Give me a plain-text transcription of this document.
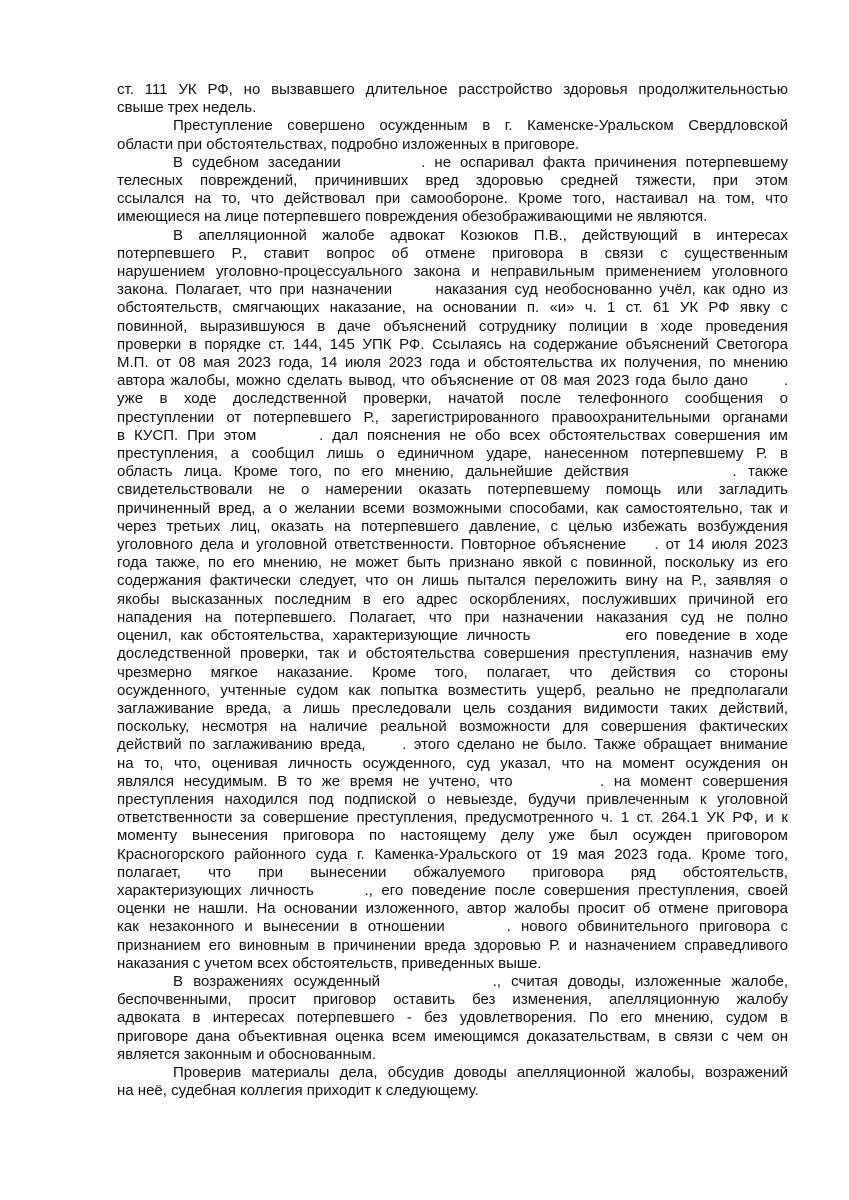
ст. 111 УК РФ, но вызвавшего длительное расстройство здоровья продолжительностью
свыше трех недель.
Преступление совершено осужденным в г. Каменске-Уральском Свердловской
области при обстоятельствах, подробно изложенных в приговоре.
В судебном заседании         . не оспаривал факта причинения потерпевшему
телесных повреждений, причинивших вред здоровью средней тяжести, при этом
ссылался на то, что действовал при самообороне. Кроме того, настаивал на том, что
имеющиеся на лице потерпевшего повреждения обезображивающими не являются.
В апелляционной жалобе адвокат Козюков П.В., действующий в интересах
потерпевшего Р., ставит вопрос об отмене приговора в связи с существенным
нарушением уголовно-процессуального закона и неправильным применением уголовного
закона. Полагает, что при назначении      наказания суд необоснованно учёл, как одно из
обстоятельств, смягчающих наказание, на основании п. «и» ч. 1 ст. 61 УК РФ явку с
повинной, выразившуюся в даче объяснений сотруднику полиции в ходе проведения
проверки в порядке ст. 144, 145 УПК РФ. Ссылаясь на содержание объяснений Светогора
М.П. от 08 мая 2023 года, 14 июля 2023 года и обстоятельства их получения, по мнению
автора жалобы, можно сделать вывод, что объяснение от 08 мая 2023 года было дано      .
уже в ходе доследственной проверки, начатой после телефонного сообщения о
преступлении от потерпевшего Р., зарегистрированного правоохранительными органами
в КУСП. При этом       . дал пояснения не обо всех обстоятельствах совершения им
преступления, а сообщил лишь о единичном ударе, нанесенном потерпевшему Р. в
область лица. Кроме того, по его мнению, дальнейшие действия         . также
свидетельствовали не о намерении оказать потерпевшему помощь или загладить
причиненный вред, а о желании всеми возможными способами, как самостоятельно, так и
через третьих лиц, оказать на потерпевшего давление, с целью избежать возбуждения
уголовного дела и уголовной ответственности. Повторное объяснение    . от 14 июля 2023
года также, по его мнению, не может быть признано явкой с повинной, поскольку из его
содержания фактически следует, что он лишь пытался переложить вину на Р., заявляя о
якобы высказанных последним в его адрес оскорблениях, послуживших причиной его
нападения на потерпевшего. Полагает, что при назначении наказания суд не полно
оценил, как обстоятельства, характеризующие личность           его поведение в ходе
доследственной проверки, так и обстоятельства совершения преступления, назначив ему
чрезмерно мягкое наказание. Кроме того, полагает, что действия со стороны
осужденного, учтенные судом как попытка возместить ущерб, реально не предполагали
заглаживание вреда, а лишь преследовали цель создания видимости таких действий,
поскольку, несмотря на наличие реальной возможности для совершения фактических
действий по заглаживанию вреда,     . этого сделано не было. Также обращает внимание
на то, что, оценивая личность осужденного, суд указал, что на момент осуждения он
являлся несудимым. В то же время не учтено, что         . на момент совершения
преступления находился под подпиской о невыезде, будучи привлеченным к уголовной
ответственности за совершение преступления, предусмотренного ч. 1 ст. 264.1 УК РФ, и к
моменту вынесения приговора по настоящему делу уже был осужден приговором
Красногорского районного суда г. Каменка-Уральского от 19 мая 2023 года. Кроме того,
полагает, что при вынесении обжалуемого приговора ряд обстоятельств,
характеризующих личность      ., его поведение после совершения преступления, своей
оценки не нашли. На основании изложенного, автор жалобы просит об отмене приговора
как незаконного и вынесении в отношении      . нового обвинительного приговора с
признанием его виновным в причинении вреда здоровью Р. и назначением справедливого
наказания с учетом всех обстоятельств, приведенных выше.
В возражениях осужденный           ., считая доводы, изложенные жалобе,
беспочвенными, просит приговор оставить без изменения, апелляционную жалобу
адвоката в интересах потерпевшего - без удовлетворения. По его мнению, судом в
приговоре дана объективная оценка всем имеющимся доказательствам, в связи с чем он
является законным и обоснованным.
Проверив материалы дела, обсудив доводы апелляционной жалобы, возражений
на неё, судебная коллегия приходит к следующему.
